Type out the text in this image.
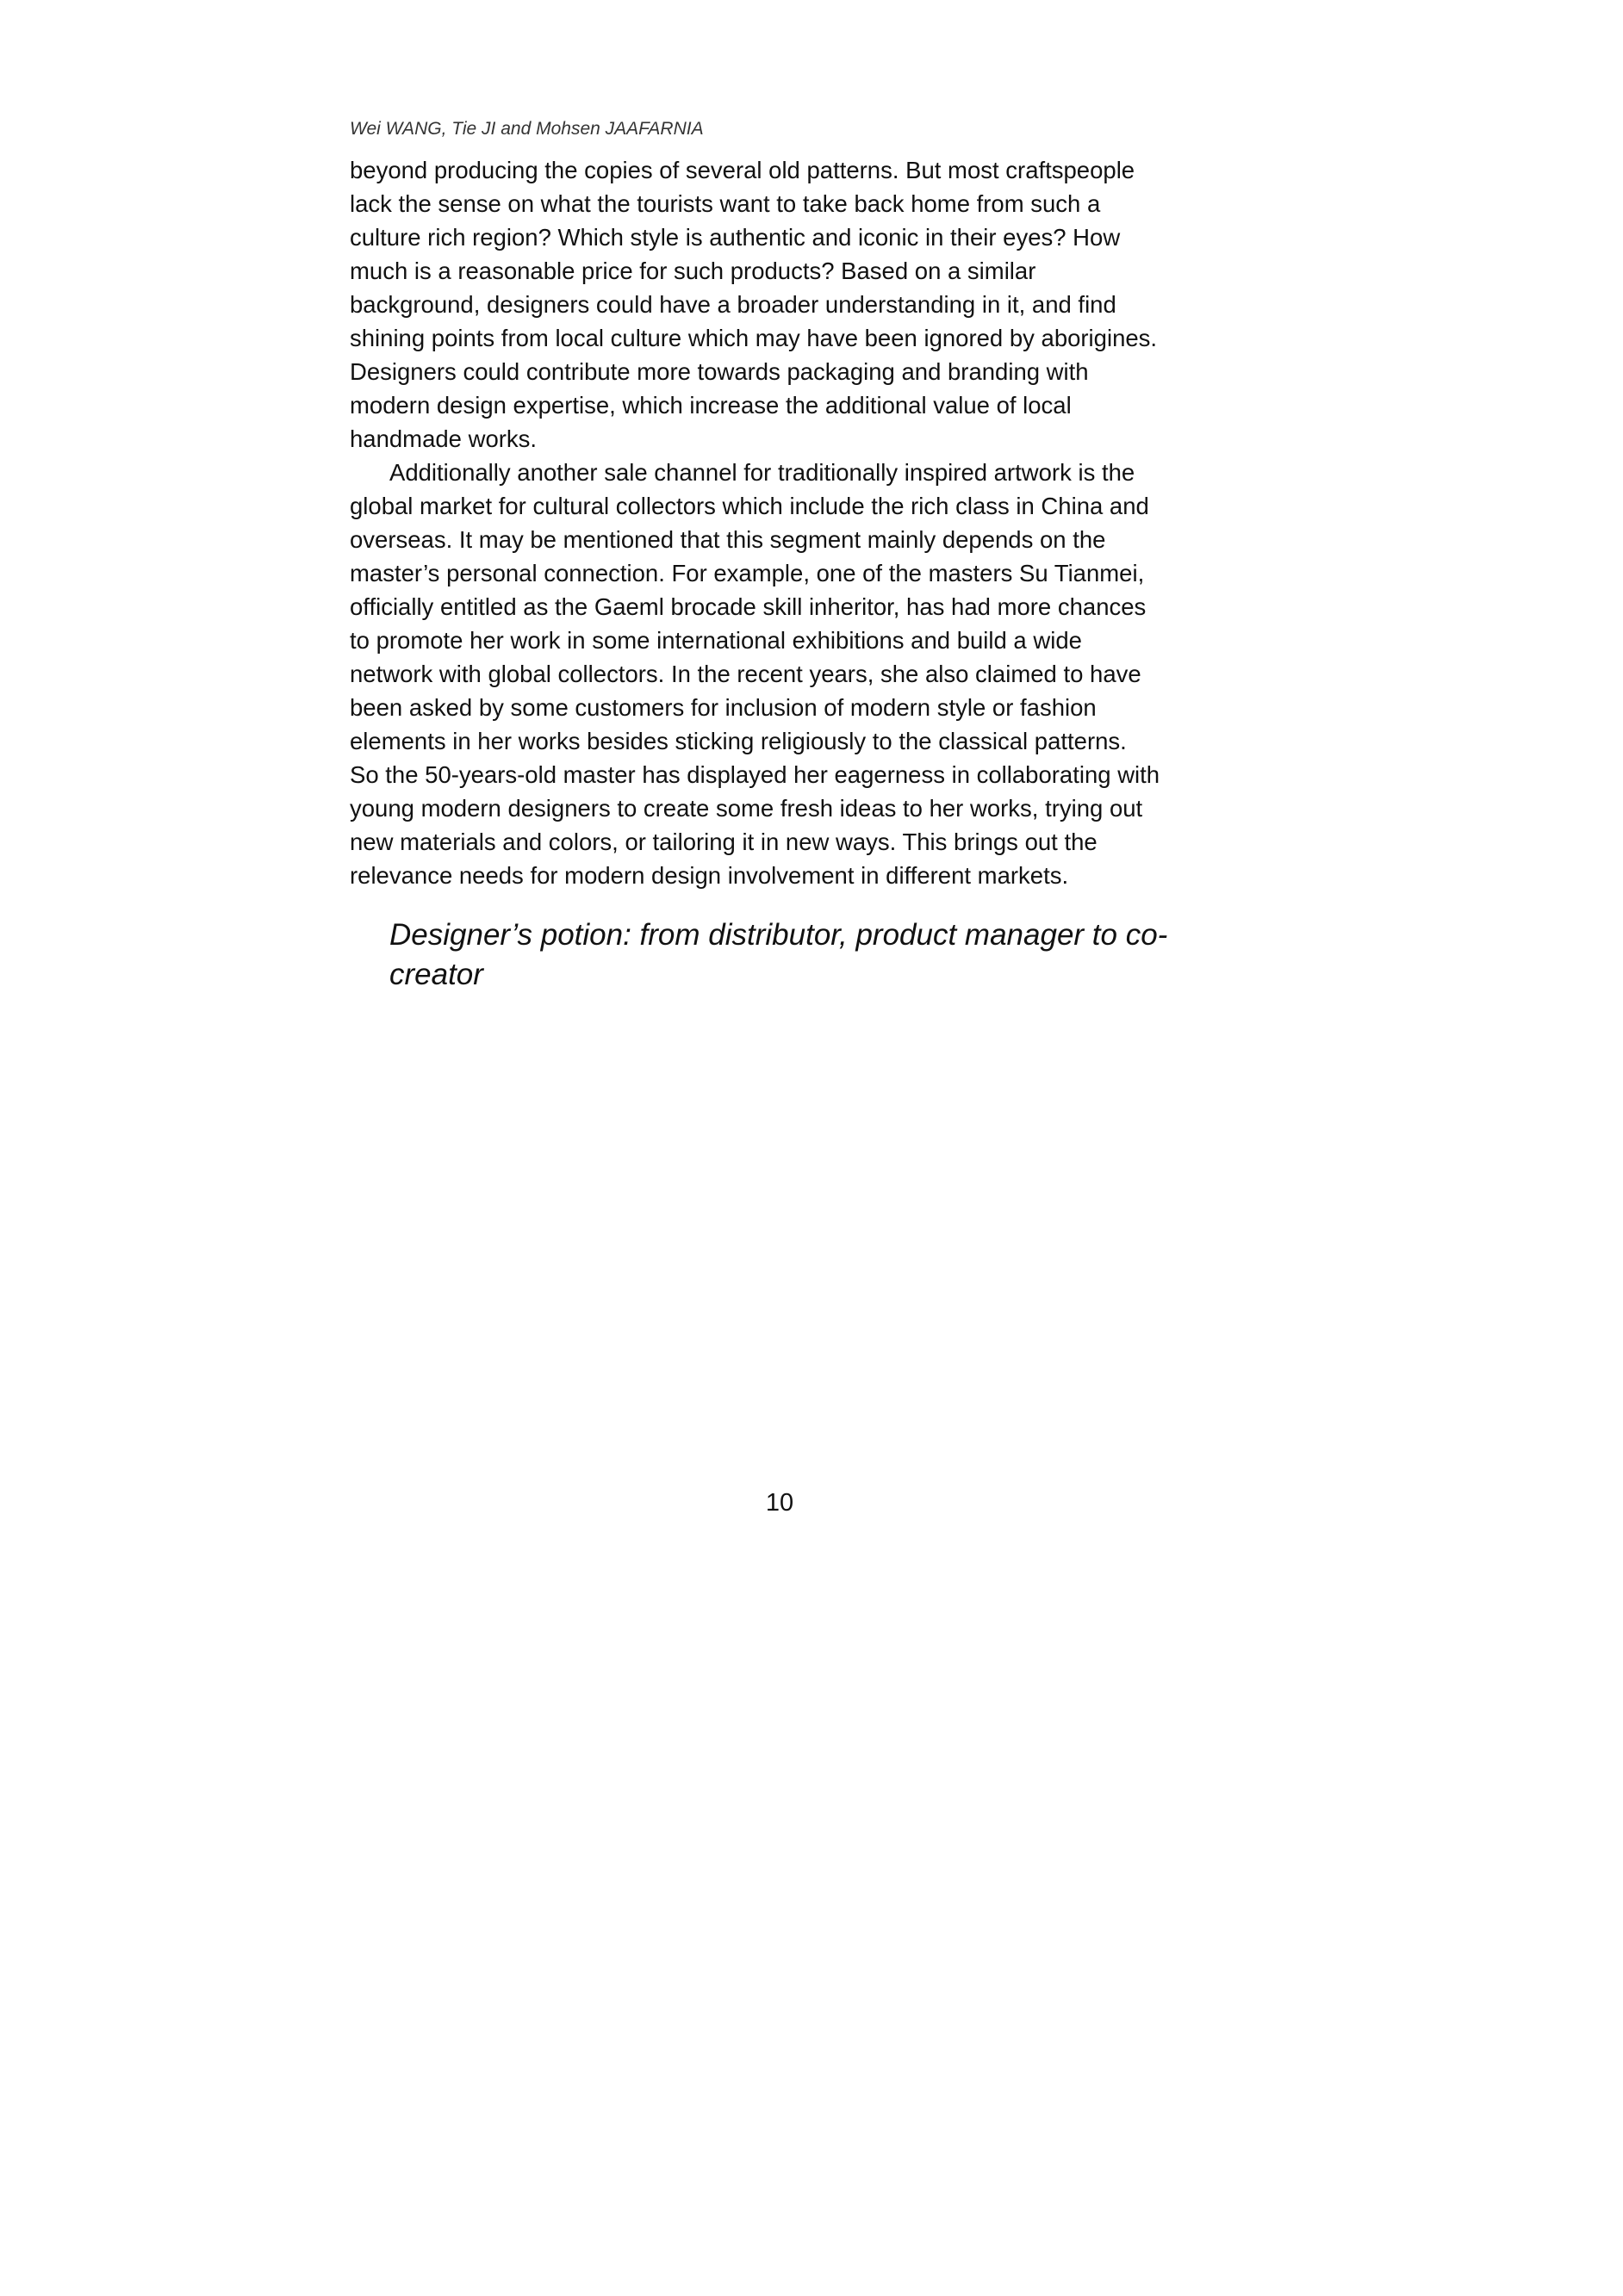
Wei WANG, Tie JI and Mohsen JAAFARNIA
beyond producing the copies of several old patterns. But most craftspeople
lack the sense on what the tourists want to take back home from such a
culture rich region? Which style is authentic and iconic in their eyes? How
much is a reasonable price for such products? Based on a similar
background, designers could have a broader understanding in it, and find
shining points from local culture which may have been ignored by aborigines.
Designers could contribute more towards packaging and branding with
modern design expertise, which increase the additional value of local
handmade works.
Additionally another sale channel for traditionally inspired artwork is the
global market for cultural collectors which include the rich class in China and
overseas. It may be mentioned that this segment mainly depends on the
master’s personal connection. For example, one of the masters Su Tianmei,
officially entitled as the Gaeml brocade skill inheritor, has had more chances
to promote her work in some international exhibitions and build a wide
network with global collectors. In the recent years, she also claimed to have
been asked by some customers for inclusion of modern style or fashion
elements in her works besides sticking religiously to the classical patterns.
So the 50-years-old master has displayed her eagerness in collaborating with
young modern designers to create some fresh ideas to her works, trying out
new materials and colors, or tailoring it in new ways. This brings out the
relevance needs for modern design involvement in different markets.
Designer’s potion: from distributor, product manager to co-
creator
10
